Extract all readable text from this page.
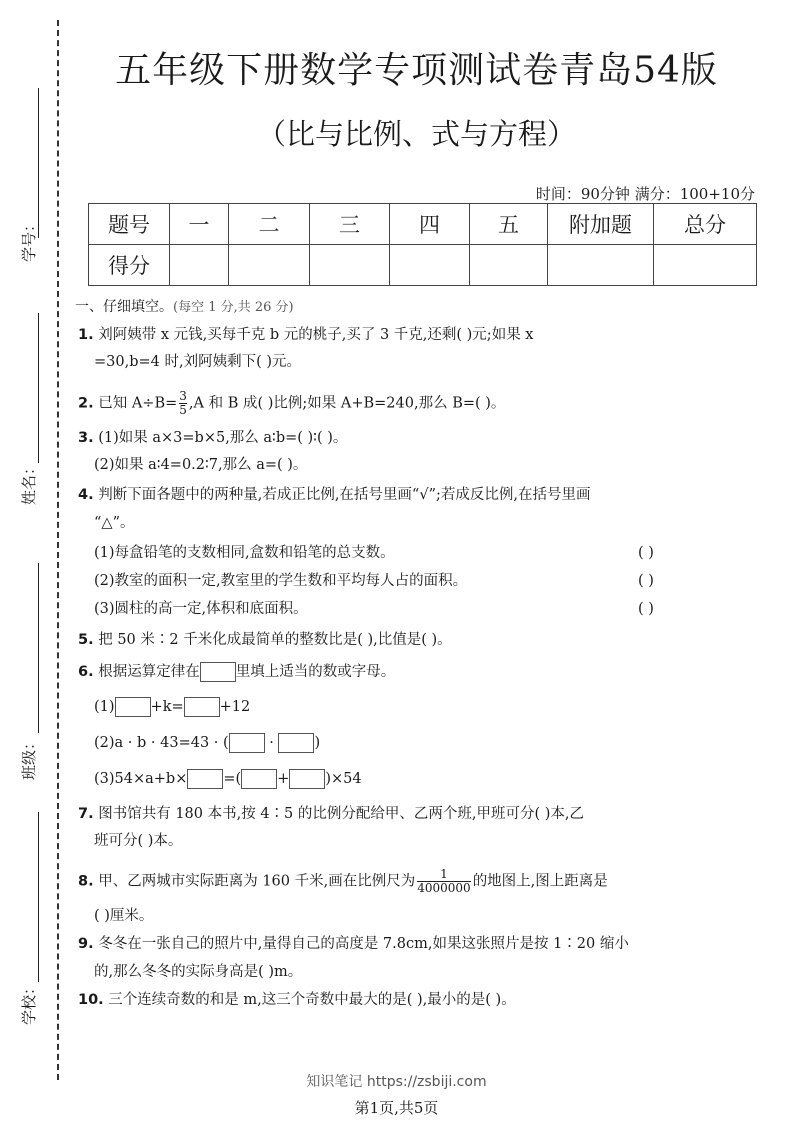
学号：
姓名：
班级：
学校：
五年级下册数学专项测试卷青岛54版
（比与比例、式与方程）
时间：90分钟 满分：100+10分
题号	一	二	三	四	五	附加题	总分
得分							
一、仔细填空。(每空 1 分,共 26 分)
1. 刘阿姨带 x 元钱,买每千克 b 元的桃子,买了 3 千克,还剩( )元;如果 x
=30,b=4 时,刘阿姨剩下( )元。
2. 已知 $A\div B= \frac{3}{5} ,A$ 和 B 成( )比例;如果 A+B=240,那么 B=( )。
3. (1)如果 a×3=b×5,那么 a∶b=( )∶( )。
(2)如果 a∶4=0.2∶7,那么 a=( )。
4. 判断下面各题中的两种量,若成正比例,在括号里画“√”;若成反比例,在括号里画
“△”。
(1)每盒铅笔的支数相同,盒数和铅笔的总支数。	( )
(2)教室的面积一定,教室里的学生数和平均每人占的面积。	( )
(3)圆柱的高一定,体积和底面积。	( )
5. 把 50 米∶2 千米化成最简单的整数比是( ),比值是( )。
6. 根据运算定律在 里填上适当的数或字母。
(1) +k= +12
(2)a · b · 43=43 · ( · )
(3)54×a+b× =( + )×54
7. 图书馆共有 180 本书,按 4∶5 的比例分配给甲、乙两个班,甲班可分( )本,乙
班可分( )本。
8. 甲、乙两城市实际距离为 160 千米,画在比例尺为 $\frac{1}{4000000}$ 的地图上,图上距离是
( )厘米。
9. 冬冬在一张自己的照片中,量得自己的高度是 7.8cm,如果这张照片是按 1∶20 缩小
的,那么冬冬的实际身高是( )m。
10. 三个连续奇数的和是 m,这三个奇数中最大的是( ),最小的是( )。
知识笔记 https://zsbiji.com
第1页,共5页
